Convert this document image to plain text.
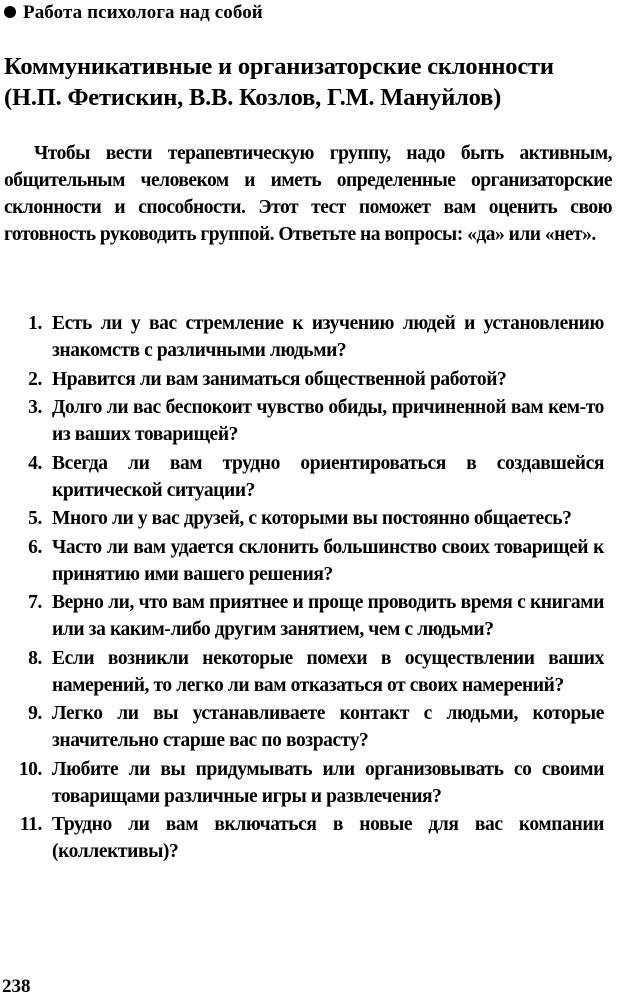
Работа психолога над собой
Коммуникативные и организаторские склонности
(Н.П. Фетискин, В.В. Козлов, Г.М. Мануйлов)

Чтобы вести терапевтическую группу, надо быть активным, общительным человеком и иметь определенные организаторские склонности и способности. Этот тест поможет вам оценить свою готовность руководить группой. Ответьте на вопросы: «да» или «нет».

1. Есть ли у вас стремление к изучению людей и установлению знакомств с различными людьми?
2. Нравится ли вам заниматься общественной работой?
3. Долго ли вас беспокоит чувство обиды, причиненной вам кем-то из ваших товарищей?
4. Всегда ли вам трудно ориентироваться в создавшейся критической ситуации?
5. Много ли у вас друзей, с которыми вы постоянно общаетесь?
6. Часто ли вам удается склонить большинство своих товарищей к принятию ими вашего решения?
7. Верно ли, что вам приятнее и проще проводить время с книгами или за каким-либо другим занятием, чем с людьми?
8. Если возникли некоторые помехи в осуществлении ваших намерений, то легко ли вам отказаться от своих намерений?
9. Легко ли вы устанавливаете контакт с людьми, которые значительно старше вас по возрасту?
10. Любите ли вы придумывать или организовывать со своими товарищами различные игры и развлечения?
11. Трудно ли вам включаться в новые для вас компании (коллективы)?
238
